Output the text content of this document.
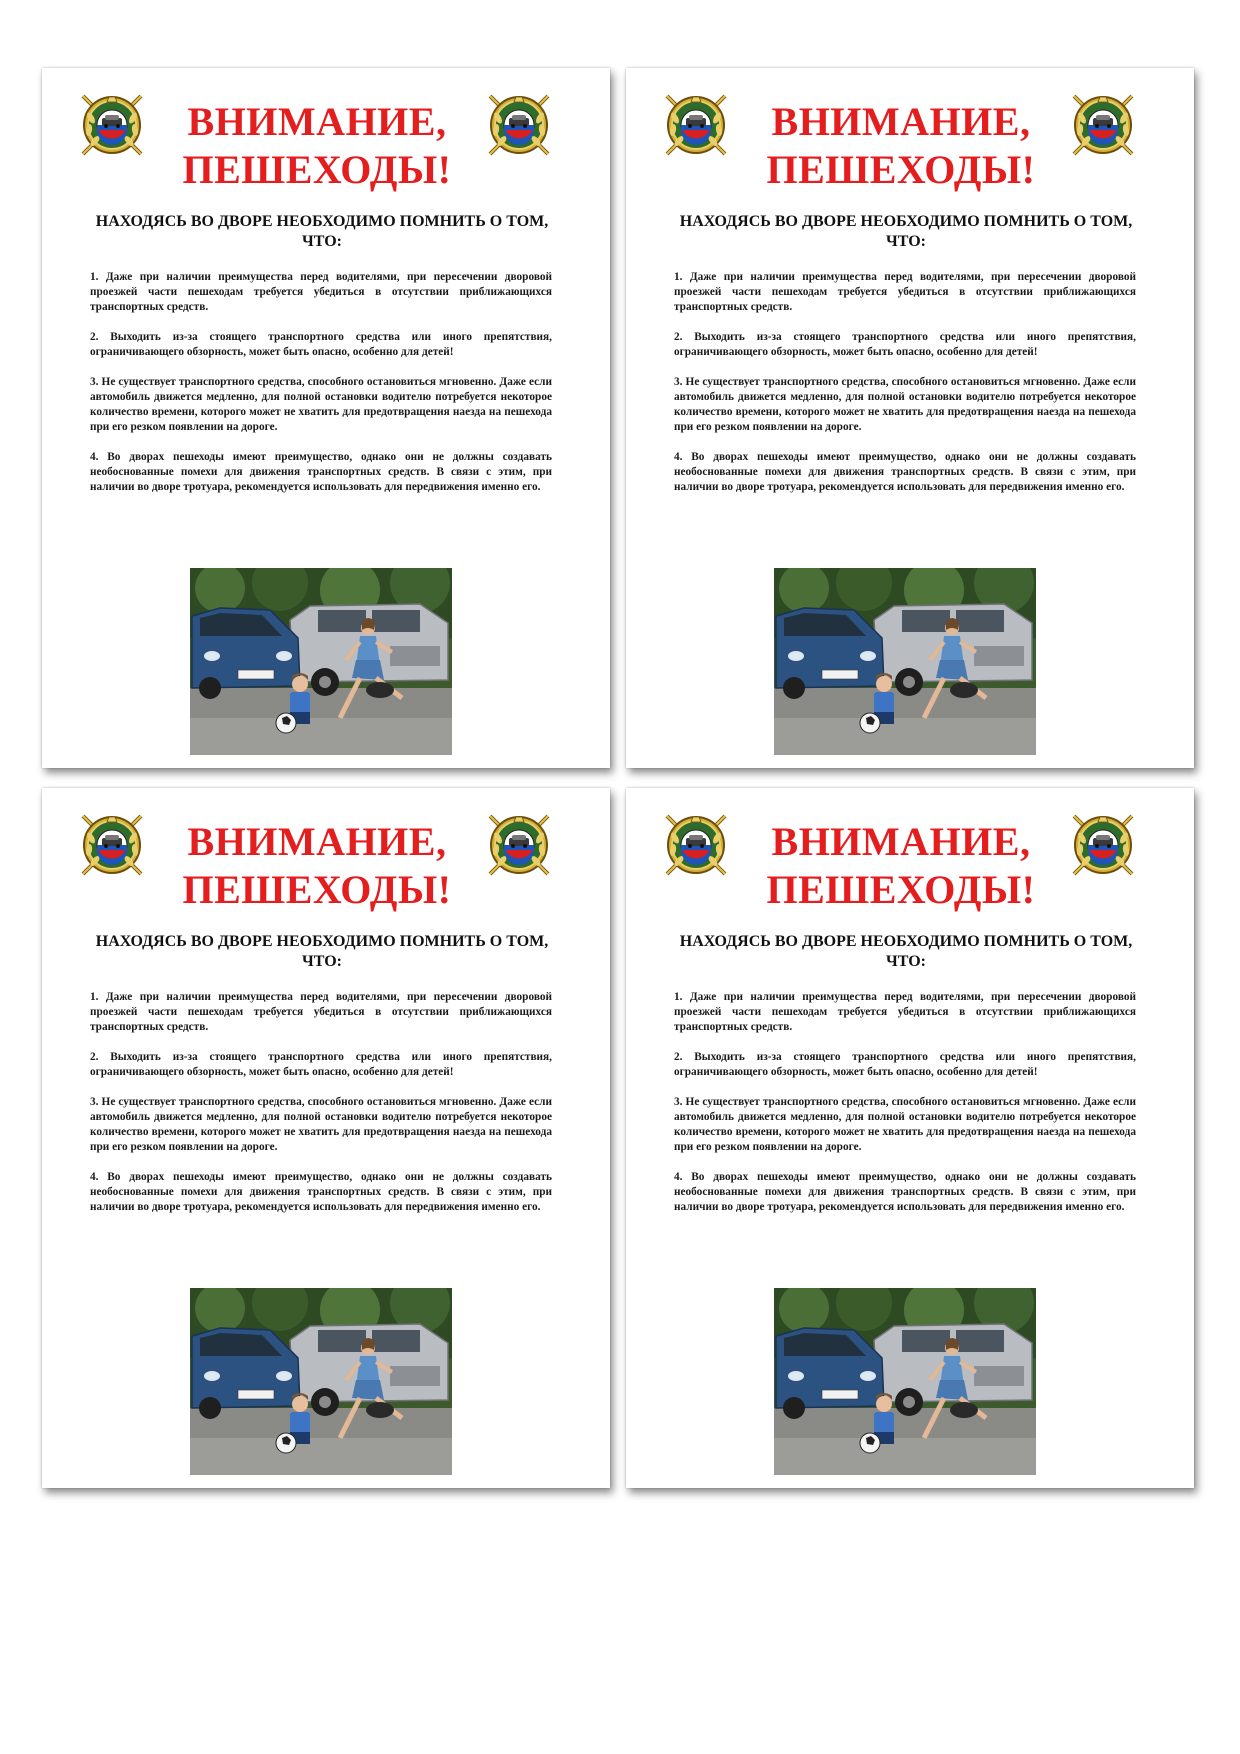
ВНИМАНИЕ,
ПЕШЕХОДЫ!
НАХОДЯСЬ ВО ДВОРЕ НЕОБХОДИМО ПОМНИТЬ О ТОМ, ЧТО:

1. Даже при наличии преимущества перед водителями, при пересечении дворовой проезжей части пешеходам требуется убедиться в отсутствии приближающихся транспортных средств.

2. Выходить из-за стоящего транспортного средства или иного препятствия, ограничивающего обзорность, может быть опасно, особенно для детей!

3. Не существует транспортного средства, способного остановиться мгновенно. Даже если автомобиль движется медленно, для полной остановки водителю потребуется некоторое количество времени, которого может не хватить для предотвращения наезда на пешехода при его резком появлении на дороге.

4. Во дворах пешеходы имеют преимущество, однако они не должны создавать необоснованные помехи для движения транспортных средств. В связи с этим, при наличии во дворе тротуара, рекомендуется использовать для передвижения именно его.

ВНИМАНИЕ,
ПЕШЕХОДЫ!
НАХОДЯСЬ ВО ДВОРЕ НЕОБХОДИМО ПОМНИТЬ О ТОМ, ЧТО:

1. Даже при наличии преимущества перед водителями, при пересечении дворовой проезжей части пешеходам требуется убедиться в отсутствии приближающихся транспортных средств.

2. Выходить из-за стоящего транспортного средства или иного препятствия, ограничивающего обзорность, может быть опасно, особенно для детей!

3. Не существует транспортного средства, способного остановиться мгновенно. Даже если автомобиль движется медленно, для полной остановки водителю потребуется некоторое количество времени, которого может не хватить для предотвращения наезда на пешехода при его резком появлении на дороге.

4. Во дворах пешеходы имеют преимущество, однако они не должны создавать необоснованные помехи для движения транспортных средств. В связи с этим, при наличии во дворе тротуара, рекомендуется использовать для передвижения именно его.

ВНИМАНИЕ,
ПЕШЕХОДЫ!
НАХОДЯСЬ ВО ДВОРЕ НЕОБХОДИМО ПОМНИТЬ О ТОМ, ЧТО:

1. Даже при наличии преимущества перед водителями, при пересечении дворовой проезжей части пешеходам требуется убедиться в отсутствии приближающихся транспортных средств.

2. Выходить из-за стоящего транспортного средства или иного препятствия, ограничивающего обзорность, может быть опасно, особенно для детей!

3. Не существует транспортного средства, способного остановиться мгновенно. Даже если автомобиль движется медленно, для полной остановки водителю потребуется некоторое количество времени, которого может не хватить для предотвращения наезда на пешехода при его резком появлении на дороге.

4. Во дворах пешеходы имеют преимущество, однако они не должны создавать необоснованные помехи для движения транспортных средств. В связи с этим, при наличии во дворе тротуара, рекомендуется использовать для передвижения именно его.

ВНИМАНИЕ,
ПЕШЕХОДЫ!
НАХОДЯСЬ ВО ДВОРЕ НЕОБХОДИМО ПОМНИТЬ О ТОМ, ЧТО:

1. Даже при наличии преимущества перед водителями, при пересечении дворовой проезжей части пешеходам требуется убедиться в отсутствии приближающихся транспортных средств.

2. Выходить из-за стоящего транспортного средства или иного препятствия, ограничивающего обзорность, может быть опасно, особенно для детей!

3. Не существует транспортного средства, способного остановиться мгновенно. Даже если автомобиль движется медленно, для полной остановки водителю потребуется некоторое количество времени, которого может не хватить для предотвращения наезда на пешехода при его резком появлении на дороге.

4. Во дворах пешеходы имеют преимущество, однако они не должны создавать необоснованные помехи для движения транспортных средств. В связи с этим, при наличии во дворе тротуара, рекомендуется использовать для передвижения именно его.
